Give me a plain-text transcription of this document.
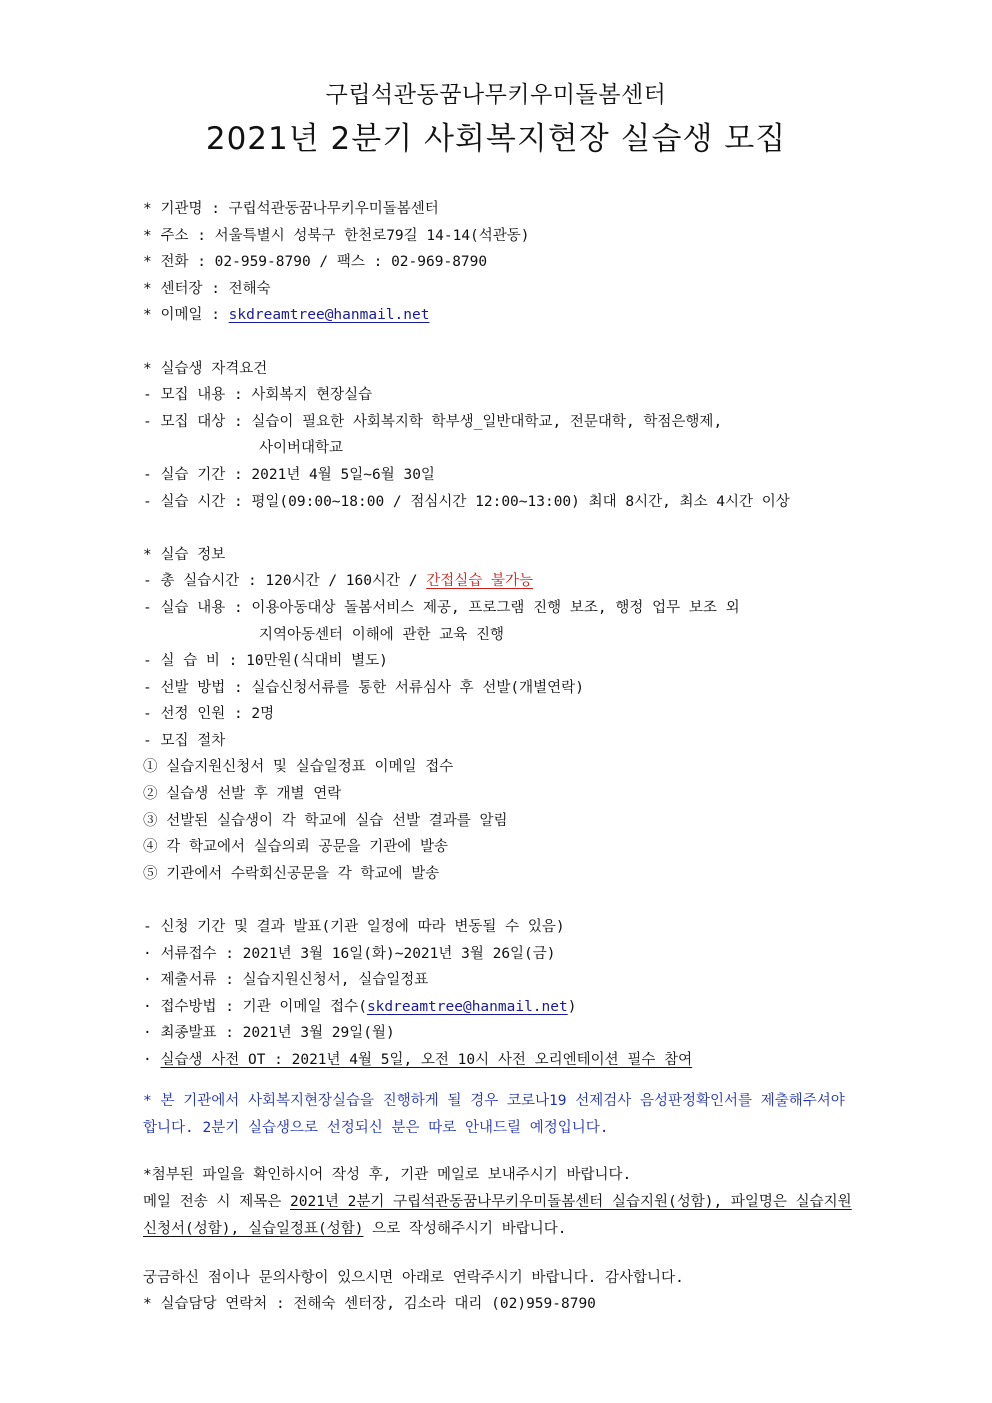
구립석관동꿈나무키우미돌봄센터
2021년 2분기 사회복지현장 실습생 모집
* 기관명 : 구립석관동꿈나무키우미돌봄센터
* 주소 : 서울특별시 성북구 한천로79길 14-14(석관동)
* 전화 : 02-959-8790 / 팩스 : 02-969-8790
* 센터장 : 전해숙
* 이메일 : skdreamtree@hanmail.net
* 실습생 자격요건
- 모집 내용 : 사회복지 현장실습
- 모집 대상 : 실습이 필요한 사회복지학 학부생_일반대학교, 전문대학, 학점은행제,
사이버대학교
- 실습 기간 : 2021년 4월 5일~6월 30일
- 실습 시간 : 평일(09:00~18:00 / 점심시간 12:00~13:00) 최대 8시간, 최소 4시간 이상
* 실습 정보
- 총 실습시간 : 120시간 / 160시간 / 간접실습 불가능
- 실습 내용 : 이용아동대상 돌봄서비스 제공, 프로그램 진행 보조, 행정 업무 보조 외
지역아동센터 이해에 관한 교육 진행
- 실 습 비 : 10만원(식대비 별도)
- 선발 방법 : 실습신청서류를 통한 서류심사 후 선발(개별연락)
- 선정 인원 : 2명
- 모집 절차
① 실습지원신청서 및 실습일정표 이메일 접수
② 실습생 선발 후 개별 연락
③ 선발된 실습생이 각 학교에 실습 선발 결과를 알림
④ 각 학교에서 실습의뢰 공문을 기관에 발송
⑤ 기관에서 수락회신공문을 각 학교에 발송
- 신청 기간 및 결과 발표(기관 일정에 따라 변동될 수 있음)
· 서류접수 : 2021년 3월 16일(화)~2021년 3월 26일(금)
· 제출서류 : 실습지원신청서, 실습일정표
· 접수방법 : 기관 이메일 접수(skdreamtree@hanmail.net)
· 최종발표 : 2021년 3월 29일(월)
· 실습생 사전 OT : 2021년 4월 5일, 오전 10시 사전 오리엔테이션 필수 참여
* 본 기관에서 사회복지현장실습을 진행하게 될 경우 코로나19 선제검사 음성판정확인서를 제출해주셔야 합니다. 2분기 실습생으로 선정되신 분은 따로 안내드릴 예정입니다.
*첨부된 파일을 확인하시어 작성 후, 기관 메일로 보내주시기 바랍니다.
메일 전송 시 제목은 2021년 2분기 구립석관동꿈나무키우미돌봄센터 실습지원(성함), 파일명은 실습지원신청서(성함), 실습일정표(성함) 으로 작성해주시기 바랍니다.
궁금하신 점이나 문의사항이 있으시면 아래로 연락주시기 바랍니다. 감사합니다.
* 실습담당 연락처 : 전해숙 센터장, 김소라 대리 (02)959-8790
